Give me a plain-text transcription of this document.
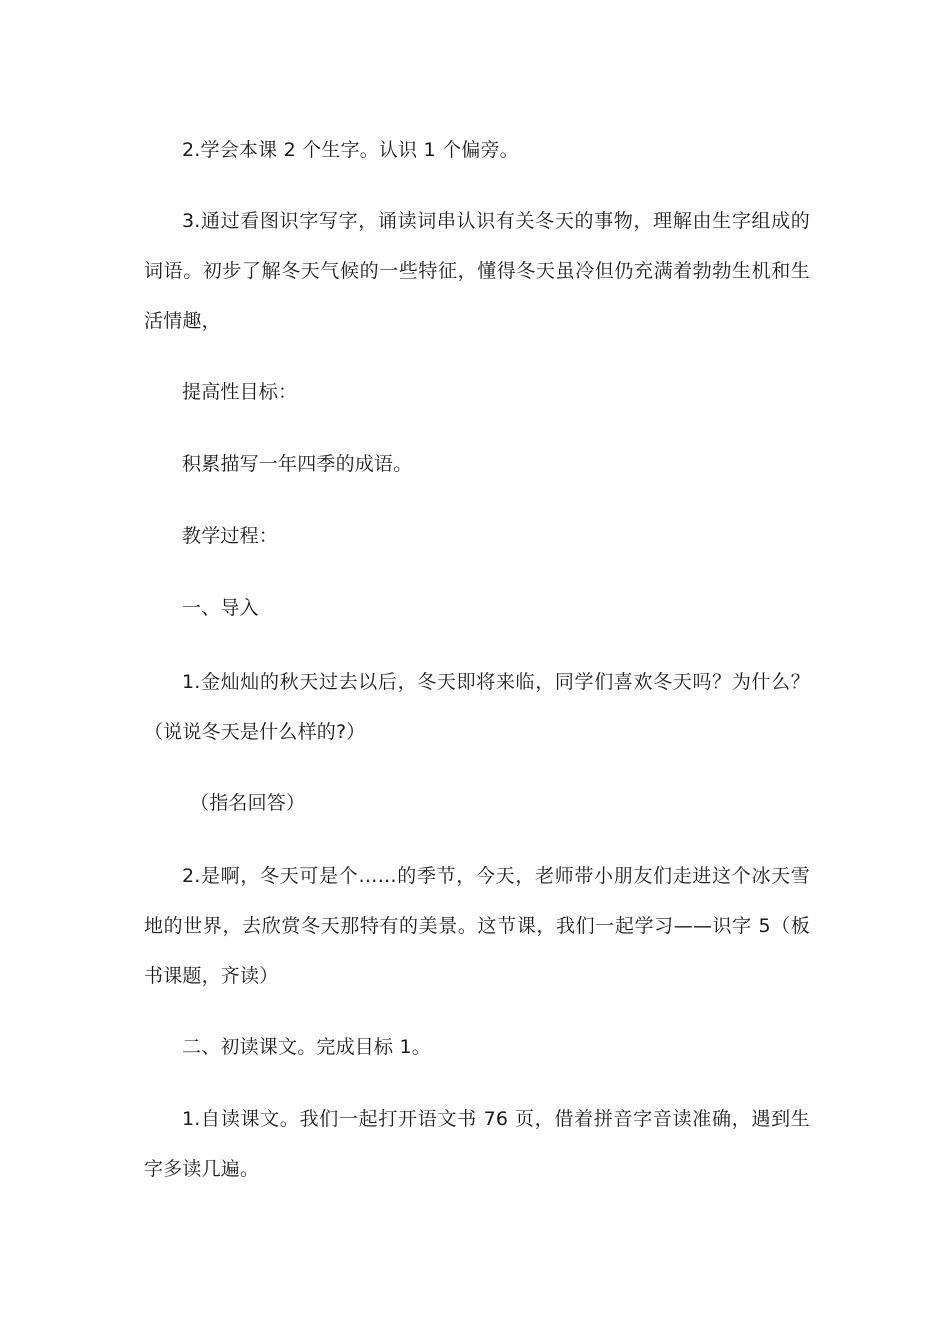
2.学会本课 2 个生字。认识 1 个偏旁。

3.通过看图识字写字，诵读词串认识有关冬天的事物，理解由生字组成的词语。初步了解冬天气候的一些特征，懂得冬天虽冷但仍充满着勃勃生机和生活情趣，

提高性目标：

积累描写一年四季的成语。

教学过程：

一、导入

1.金灿灿的秋天过去以后，冬天即将来临，同学们喜欢冬天吗？为什么？（说说冬天是什么样的?）

（指名回答）

2.是啊，冬天可是个……的季节，今天，老师带小朋友们走进这个冰天雪地的世界，去欣赏冬天那特有的美景。这节课，我们一起学习——识字 5（板书课题，齐读）

二、初读课文。完成目标 1。

1.自读课文。我们一起打开语文书 76 页，借着拼音字音读准确，遇到生字多读几遍。
